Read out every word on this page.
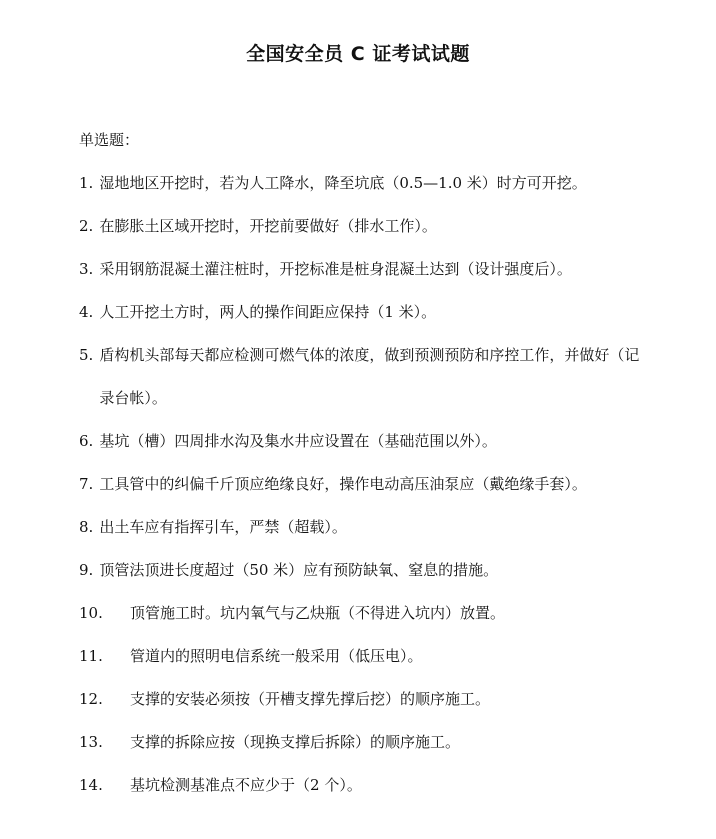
全国安全员 C 证考试试题
单选题：
1. 湿地地区开挖时，若为人工降水，降至坑底（0.5—1.0 米）时方可开挖。
2. 在膨胀土区域开挖时，开挖前要做好（排水工作）。
3. 采用钢筋混凝土灌注桩时，开挖标准是桩身混凝土达到（设计强度后）。
4. 人工开挖土方时，两人的操作间距应保持（1 米）。
5. 盾构机头部每天都应检测可燃气体的浓度，做到预测预防和序控工作，并做好（记录台帐）。
6. 基坑（槽）四周排水沟及集水井应设置在（基础范围以外）。
7. 工具管中的纠偏千斤顶应绝缘良好，操作电动高压油泵应（戴绝缘手套）。
8. 出土车应有指挥引车，严禁（超载）。
9. 顶管法顶进长度超过（50 米）应有预防缺氧、窒息的措施。
10.	顶管施工时。坑内氧气与乙炔瓶（不得进入坑内）放置。
11.	管道内的照明电信系统一般采用（低压电）。
12.	支撑的安装必须按（开槽支撑先撑后挖）的顺序施工。
13.	支撑的拆除应按（现换支撑后拆除）的顺序施工。
14.	基坑检测基准点不应少于（2 个）。
